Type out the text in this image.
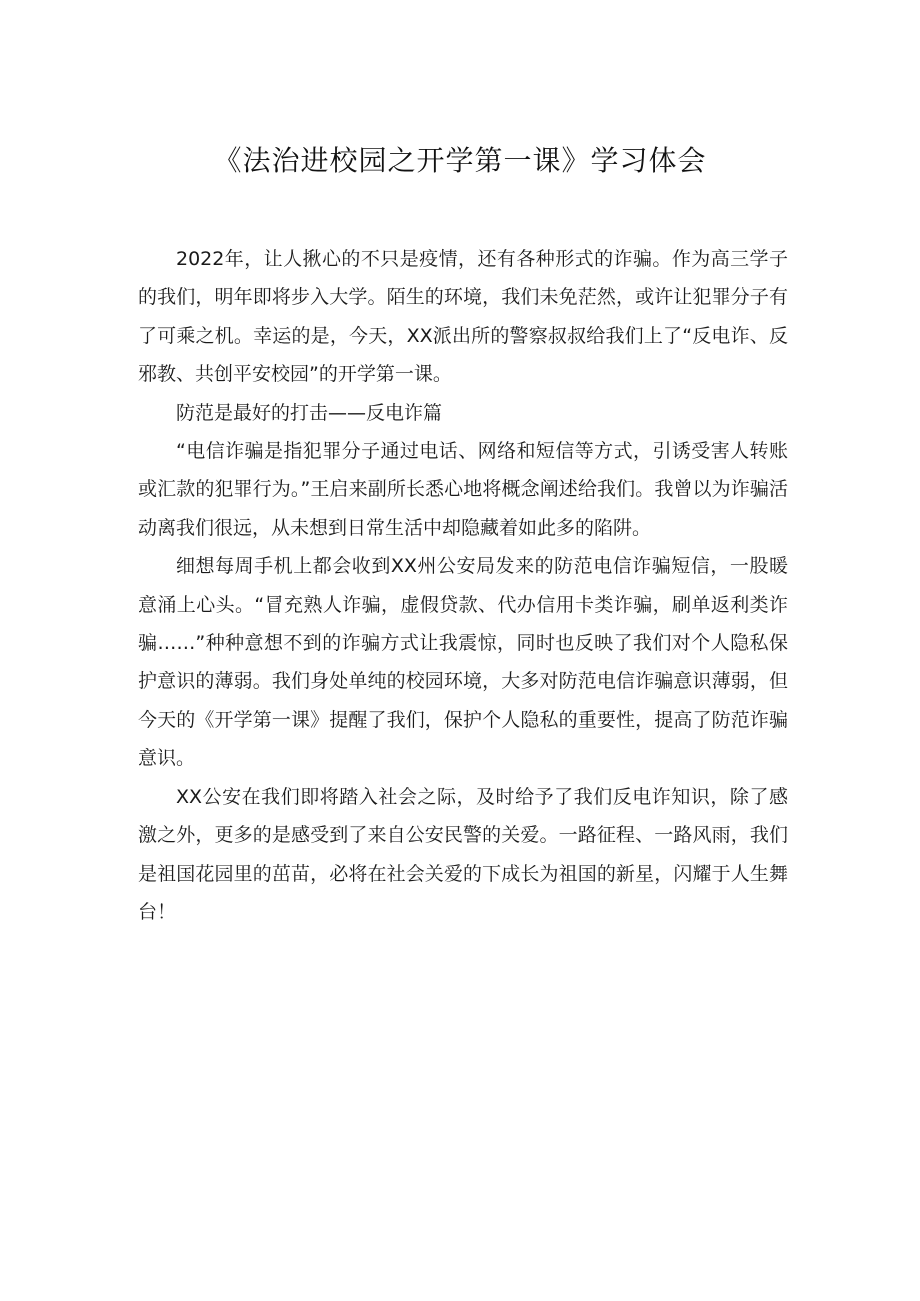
《法治进校园之开学第一课》学习体会

2022年，让人揪心的不只是疫情，还有各种形式的诈骗。作为高三学子的我们，明年即将步入大学。陌生的环境，我们未免茫然，或许让犯罪分子有了可乘之机。幸运的是，今天，XX派出所的警察叔叔给我们上了“反电诈、反邪教、共创平安校园”的开学第一课。

防范是最好的打击——反电诈篇

“电信诈骗是指犯罪分子通过电话、网络和短信等方式，引诱受害人转账或汇款的犯罪行为。”王启来副所长悉心地将概念阐述给我们。我曾以为诈骗活动离我们很远，从未想到日常生活中却隐藏着如此多的陷阱。

细想每周手机上都会收到XX州公安局发来的防范电信诈骗短信，一股暖意涌上心头。“冒充熟人诈骗，虚假贷款、代办信用卡类诈骗，刷单返利类诈骗……”种种意想不到的诈骗方式让我震惊，同时也反映了我们对个人隐私保护意识的薄弱。我们身处单纯的校园环境，大多对防范电信诈骗意识薄弱，但今天的《开学第一课》提醒了我们，保护个人隐私的重要性，提高了防范诈骗意识。

XX公安在我们即将踏入社会之际，及时给予了我们反电诈知识，除了感激之外，更多的是感受到了来自公安民警的关爱。一路征程、一路风雨，我们是祖国花园里的茁苗，必将在社会关爱的下成长为祖国的新星，闪耀于人生舞台！
